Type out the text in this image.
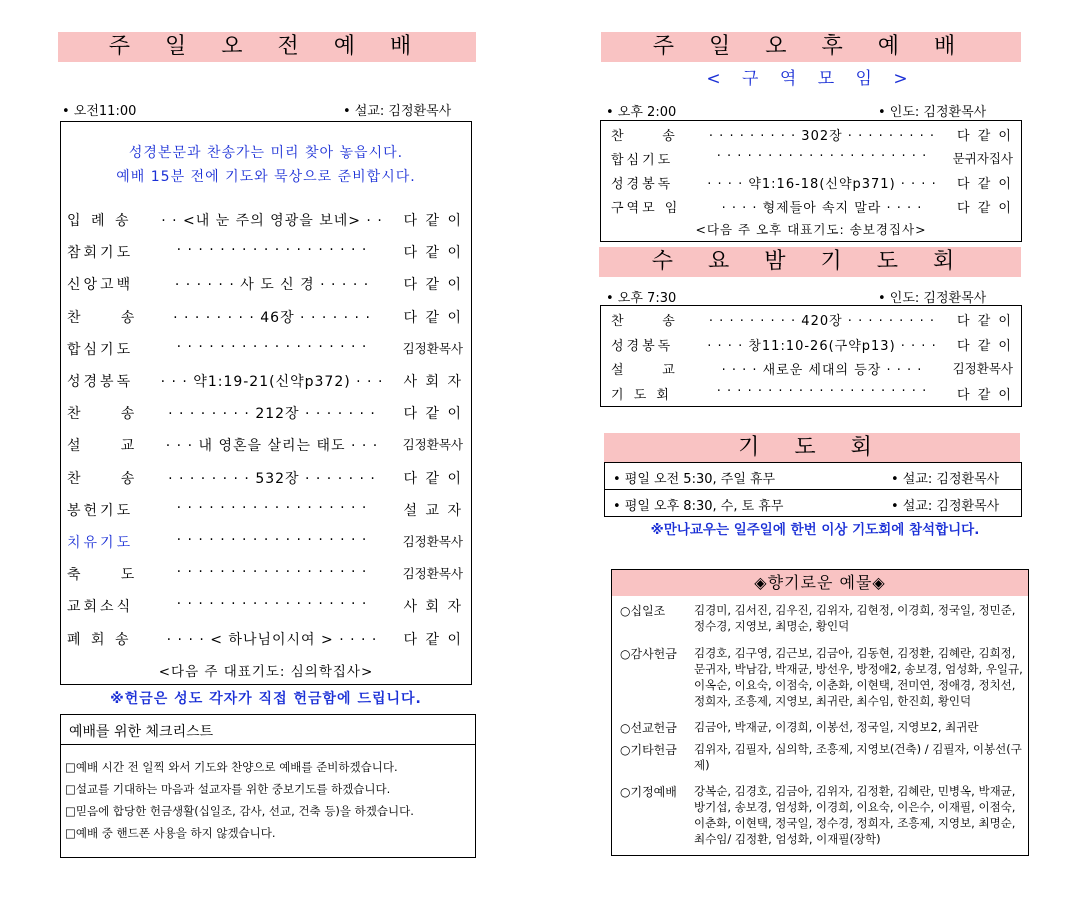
주 일 오 전 예 배
• 오전11:00	• 설교: 김정환목사
성경본문과 찬송가는 미리 찾아 놓읍시다.
예배 15분 전에 기도와 묵상으로 준비합시다.
입 례 송 · · <내 눈 주의 영광을 보네> · ·	다 같 이
참회기도	· · · · · · · · · · · · · · · · · ·	다 같 이
신앙고백	· · · · · · 사 도 신 경 · · · · ·	다 같 이
찬     송	· · · · · · · · 46장 · · · · · · ·	다 같 이
합심기도	· · · · · · · · · · · · · · · · · ·	김정환목사
성경봉독 · · · 약1:19-21(신약p372) · · ·	사 회 자
찬     송	· · · · · · · · 212장 · · · · · · ·	다 같 이
설     교	· · · 내 영혼을 살리는 태도 · · ·	김정환목사
찬     송	· · · · · · · · 532장 · · · · · · ·	다 같 이
봉헌기도	· · · · · · · · · · · · · · · · · ·	설 교 자
치유기도	· · · · · · · · · · · · · · · · · ·	김정환목사
축     도	· · · · · · · · · · · · · · · · · ·	김정환목사
교회소식	· · · · · · · · · · · · · · · · · ·	사 회 자
폐 회 송	· · · · < 하나님이시여 > · · · ·	다 같 이
<다음 주 대표기도: 심의학집사>
※헌금은 성도 각자가 직접 헌금함에 드립니다.
예배를 위한 체크리스트
□예배 시간 전 일찍 와서 기도와 찬양으로 예배를 준비하겠습니다.
□설교를 기대하는 마음과 설교자를 위한 중보기도를 하겠습니다.
□믿음에 합당한 헌금생활(십일조, 감사, 선교, 건축 등)을 하겠습니다.
□예배 중 핸드폰 사용을 하지 않겠습니다.
주 일 오 후 예 배
< 구 역 모 임 >
• 오후 2:00	• 인도: 김정환목사
찬     송	· · · · · · · · · 302장 · · · · · · · · ·	다 같 이
합심기도	· · · · · · · · · · · · · · · · · · · · ·	문귀자집사
성경봉독	· · · · 약1:16-18(신약p371) · · · ·	다 같 이
구역모 임	· · · · 형제들아 속지 말라 · · · ·	다 같 이
<다음 주 오후 대표기도: 송보경집사>
수 요 밤 기 도 회
• 오후 7:30	• 인도: 김정환목사
찬     송	· · · · · · · · · 420장 · · · · · · · · ·	다 같 이
성경봉독	· · · · 창11:10-26(구약p13) · · · ·	다 같 이
설     교	· · · · 새로운 세대의 등장 · · · ·	김정환목사
기 도 회	· · · · · · · · · · · · · · · · · · · · ·	다 같 이
기 도 회
• 평일 오전 5:30, 주일 휴무	• 설교: 김정환목사
• 평일 오후 8:30, 수, 토 휴무	• 설교: 김정환목사
※만나교우는 일주일에 한번 이상 기도회에 참석합니다.
◈향기로운 예물◈
○십일조	김경미, 김서진, 김우진, 김위자, 김현정, 이경희, 정국일, 정민준, 정수경, 지영보, 최명순, 황인덕
○감사헌금 김경호, 김구영, 김근보, 김금아, 김동현, 김정환, 김혜란, 김희정, 문귀자, 박남감, 박재균, 방선우, 방정애2, 송보경, 엄성화, 우일규, 이옥순, 이요숙, 이점숙, 이춘화, 이현택, 전미연, 정애경, 정치선, 정희자, 조흥제, 지영보, 최귀란, 최수임, 한진희, 황인덕
○선교헌금 김금아, 박재균, 이경희, 이봉선, 정국일, 지영보2, 최귀란
○기타헌금 김위자, 김필자, 심의학, 조흥제, 지영보(건축) / 김필자, 이봉선(구제)
○기정예배 강복순, 김경호, 김금아, 김위자, 김정환, 김혜란, 민병옥, 박재균, 방기섭, 송보경, 엄성화, 이경희, 이요숙, 이은수, 이재필, 이점숙, 이춘화, 이현택, 정국일, 정수경, 정희자, 조흥제, 지영보, 최명순, 최수임/ 김정환, 엄성화, 이재필(장학)
